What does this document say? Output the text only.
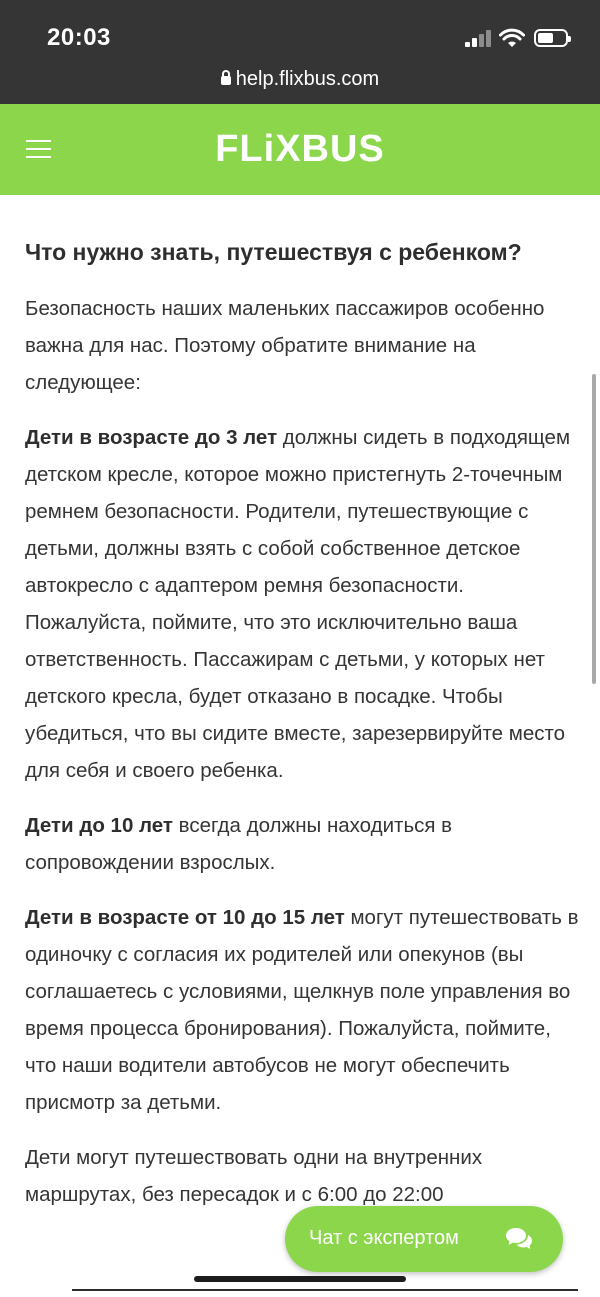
20:03
help.flixbus.com
FLiXBUS
Что нужно знать, путешествуя с ребенком?

Безопасность наших маленьких пассажиров особенно важна для нас. Поэтому обратите внимание на следующее:

Дети в возрасте до 3 лет должны сидеть в подходящем детском кресле, которое можно пристегнуть 2-точечным ремнем безопасности. Родители, путешествующие с детьми, должны взять с собой собственное детское автокресло с адаптером ремня безопасности. Пожалуйста, поймите, что это исключительно ваша ответственность. Пассажирам с детьми, у которых нет детского кресла, будет отказано в посадке. Чтобы убедиться, что вы сидите вместе, зарезервируйте место для себя и своего ребенка.

Дети до 10 лет всегда должны находиться в сопровождении взрослых.

Дети в возрасте от 10 до 15 лет могут путешествовать в одиночку с согласия их родителей или опекунов (вы соглашаетесь с условиями, щелкнув поле управления во время процесса бронирования). Пожалуйста, поймите, что наши водители автобусов не могут обеспечить присмотр за детьми.

Дети могут путешествовать одни на внутренних маршрутах, без пересадок и с 6:00 до 22:00

Чат с экспертом
